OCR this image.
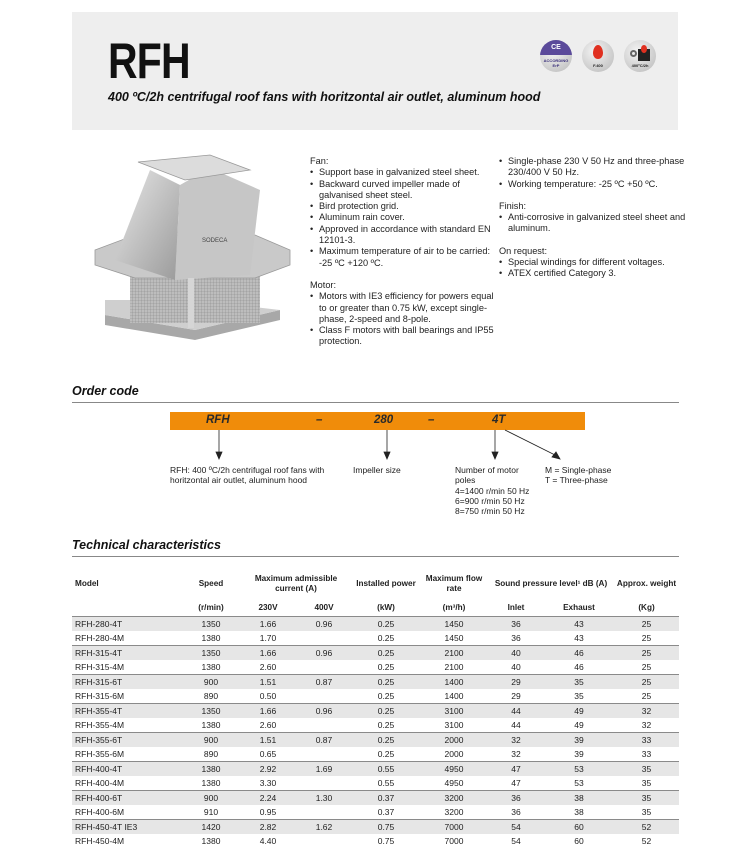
RFH
400 ºC/2h centrifugal roof fans with horitzontal air outlet, aluminum hood
CE
ACCORDING ErP	F.400	400ºC/2h
SODECA
Fan:
• Support base in galvanized steel sheet.
• Backward curved impeller made of galvanised sheet steel.
• Bird protection grid.
• Aluminum rain cover.
• Approved in accordance with standard EN 12101-3.
• Maximum temperature of air to be carried: -25 ºC +120 ºC.
Motor:
• Motors with IE3 efficiency for powers equal to or greater than 0.75 kW, except single-phase, 2-speed and 8-pole.
• Class F motors with ball bearings and IP55 protection.
• Single-phase 230 V 50 Hz and three-phase 230/400 V 50 Hz.
• Working temperature: -25 ºC +50 ºC.
Finish:
• Anti-corrosive in galvanized steel sheet and aluminum.
On request:
• Special windings for different voltages.
• ATEX certified Category 3.
Order code
RFH	–	280	–	4T
RFH: 400 ºC/2h centrifugal roof fans with horitzontal air outlet, aluminum hood
Impeller size	Number of motor
poles
4=1400 r/min 50 Hz
6=900 r/min 50 Hz
8=750 r/min 50 Hz
M = Single-phase
T = Three-phase
Technical characteristics
Model	Speed	Maximum admissible current (A)		Installed power	Maximum flow rate	Sound pressure level¹ dB (A)		Approx. weight
	(r/min)	230V	400V	(kW)	(m³/h)	Inlet	Exhaust	(Kg)
RFH-280-4T	1350	1.66	0.96	0.25	1450	36	43	25
RFH-280-4M	1380	1.70		0.25	1450	36	43	25
RFH-315-4T	1350	1.66	0.96	0.25	2100	40	46	25
RFH-315-4M	1380	2.60		0.25	2100	40	46	25
RFH-315-6T	900	1.51	0.87	0.25	1400	29	35	25
RFH-315-6M	890	0.50		0.25	1400	29	35	25
RFH-355-4T	1350	1.66	0.96	0.25	3100	44	49	32
RFH-355-4M	1380	2.60		0.25	3100	44	49	32
RFH-355-6T	900	1.51	0.87	0.25	2000	32	39	33
RFH-355-6M	890	0.65		0.25	2000	32	39	33
RFH-400-4T	1380	2.92	1.69	0.55	4950	47	53	35
RFH-400-4M	1380	3.30		0.55	4950	47	53	35
RFH-400-6T	900	2.24	1.30	0.37	3200	36	38	35
RFH-400-6M	910	0.95		0.37	3200	36	38	35
RFH-450-4T IE3	1420	2.82	1.62	0.75	7000	54	60	52
RFH-450-4M	1380	4.40		0.75	7000	54	60	52
